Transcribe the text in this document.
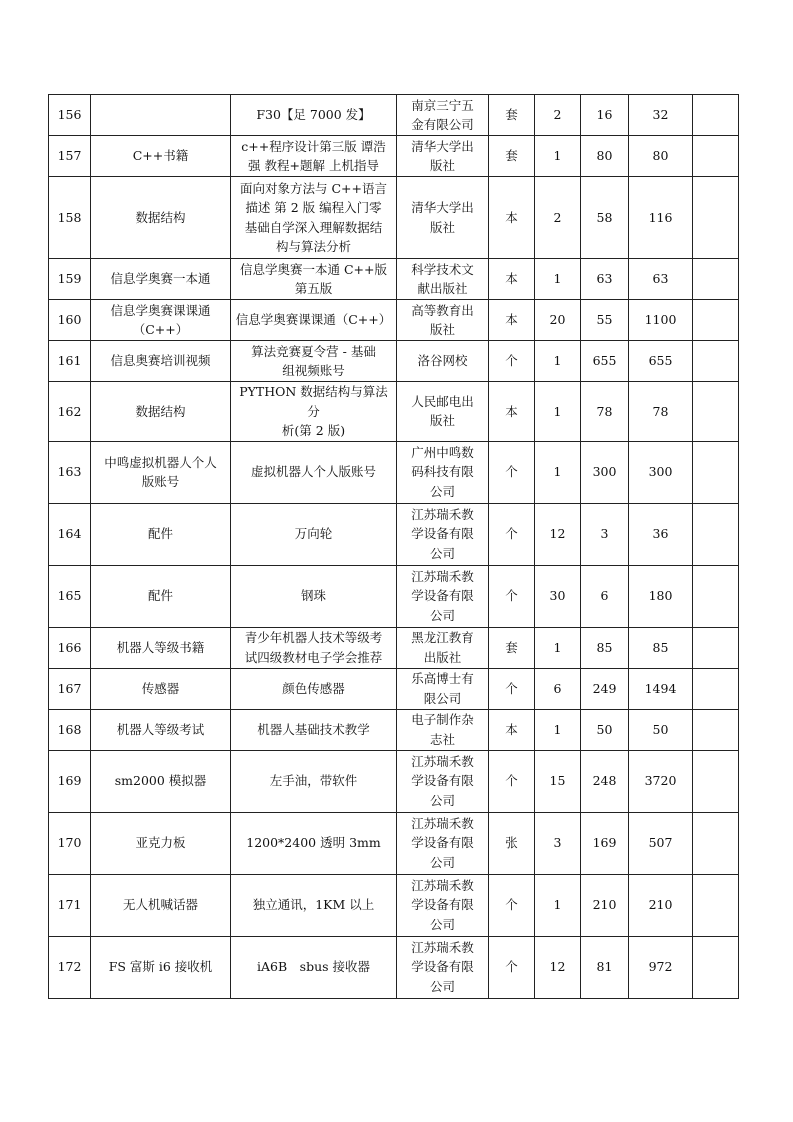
156		F30【足 7000 发】	南京三宁五
金有限公司	套	2	16	32	
157	C++书籍	c++程序设计第三版 谭浩
强 教程+题解 上机指导	清华大学出
版社	套	1	80	80	
158	数据结构	面向对象方法与 C++语言
描述 第 2 版 编程入门零
基础自学深入理解数据结
构与算法分析	清华大学出
版社	本	2	58	116	
159	信息学奥赛一本通	信息学奥赛一本通 C++版
第五版	科学技术文
献出版社	本	1	63	63	
160	信息学奥赛课课通
（C++）	信息学奥赛课课通（C++）	高等教育出
版社	本	20	55	1100	
161	信息奥赛培训视频	算法竞赛夏令营 - 基础
组视频账号	洛谷网校	个	1	655	655	
162	数据结构	PYTHON 数据结构与算法分
析(第 2 版)	人民邮电出
版社	本	1	78	78	
163	中鸣虚拟机器人个人
版账号	虚拟机器人个人版账号	广州中鸣数
码科技有限
公司	个	1	300	300	
164	配件	万向轮	江苏瑞禾教
学设备有限
公司	个	12	3	36	
165	配件	钢珠	江苏瑞禾教
学设备有限
公司	个	30	6	180	
166	机器人等级书籍	青少年机器人技术等级考
试四级教材电子学会推荐	黑龙江教育
出版社	套	1	85	85	
167	传感器	颜色传感器	乐高博士有
限公司	个	6	249	1494	
168	机器人等级考试	机器人基础技术教学	电子制作杂
志社	本	1	50	50	
169	sm2000 模拟器	左手油，带软件	江苏瑞禾教
学设备有限
公司	个	15	248	3720	
170	亚克力板	1200*2400 透明 3mm	江苏瑞禾教
学设备有限
公司	张	3	169	507	
171	无人机喊话器	独立通讯，1KM 以上	江苏瑞禾教
学设备有限
公司	个	1	210	210	
172	FS 富斯 i6 接收机	iA6B　sbus 接收器	江苏瑞禾教
学设备有限
公司	个	12	81	972	
